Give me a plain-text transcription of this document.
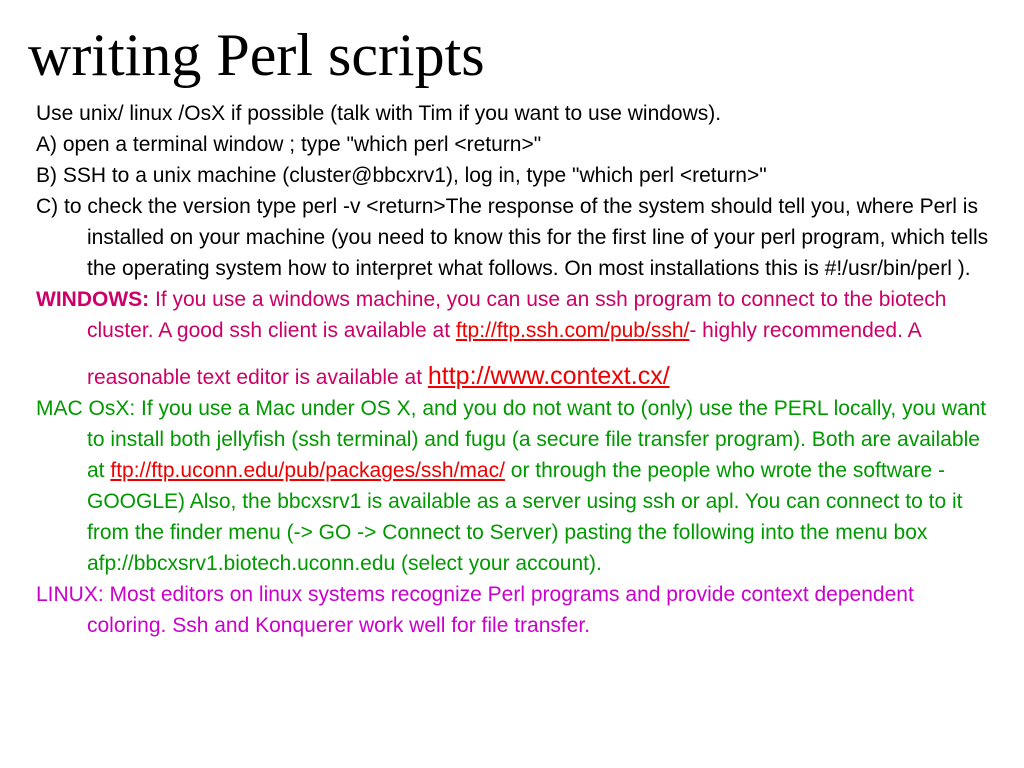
writing Perl scripts

Use unix/ linux /OsX if possible (talk with Tim if you want to use windows).

A) open a terminal window ; type "which perl <return>"

B) SSH to a unix machine (cluster@bbcxrv1), log in, type "which perl <return>"

C) to check the version type perl -v <return>The response of the system should tell you, where Perl is installed on your machine (you need to know this for the first line of your perl program, which tells the operating system how to interpret what follows. On most installations this is #!/usr/bin/perl ).

WINDOWS: If you use a windows machine, you can use an ssh program to connect to the biotech cluster. A good ssh client is available at ftp://ftp.ssh.com/pub/ssh/- highly recommended. A reasonable text editor is available at http://www.context.cx/

MAC OsX: If you use a Mac under OS X, and you do not want to (only) use the PERL locally, you want to install both jellyfish (ssh terminal) and fugu (a secure file transfer program). Both are available at ftp://ftp.uconn.edu/pub/packages/ssh/mac/ or through the people who wrote the software - GOOGLE) Also, the bbcxsrv1 is available as a server using ssh or apl. You can connect to to it from the finder menu (-> GO -> Connect to Server) pasting the following into the menu box afp://bbcxsrv1.biotech.uconn.edu (select your account).

LINUX: Most editors on linux systems recognize Perl programs and provide context dependent coloring. Ssh and Konquerer work well for file transfer.
